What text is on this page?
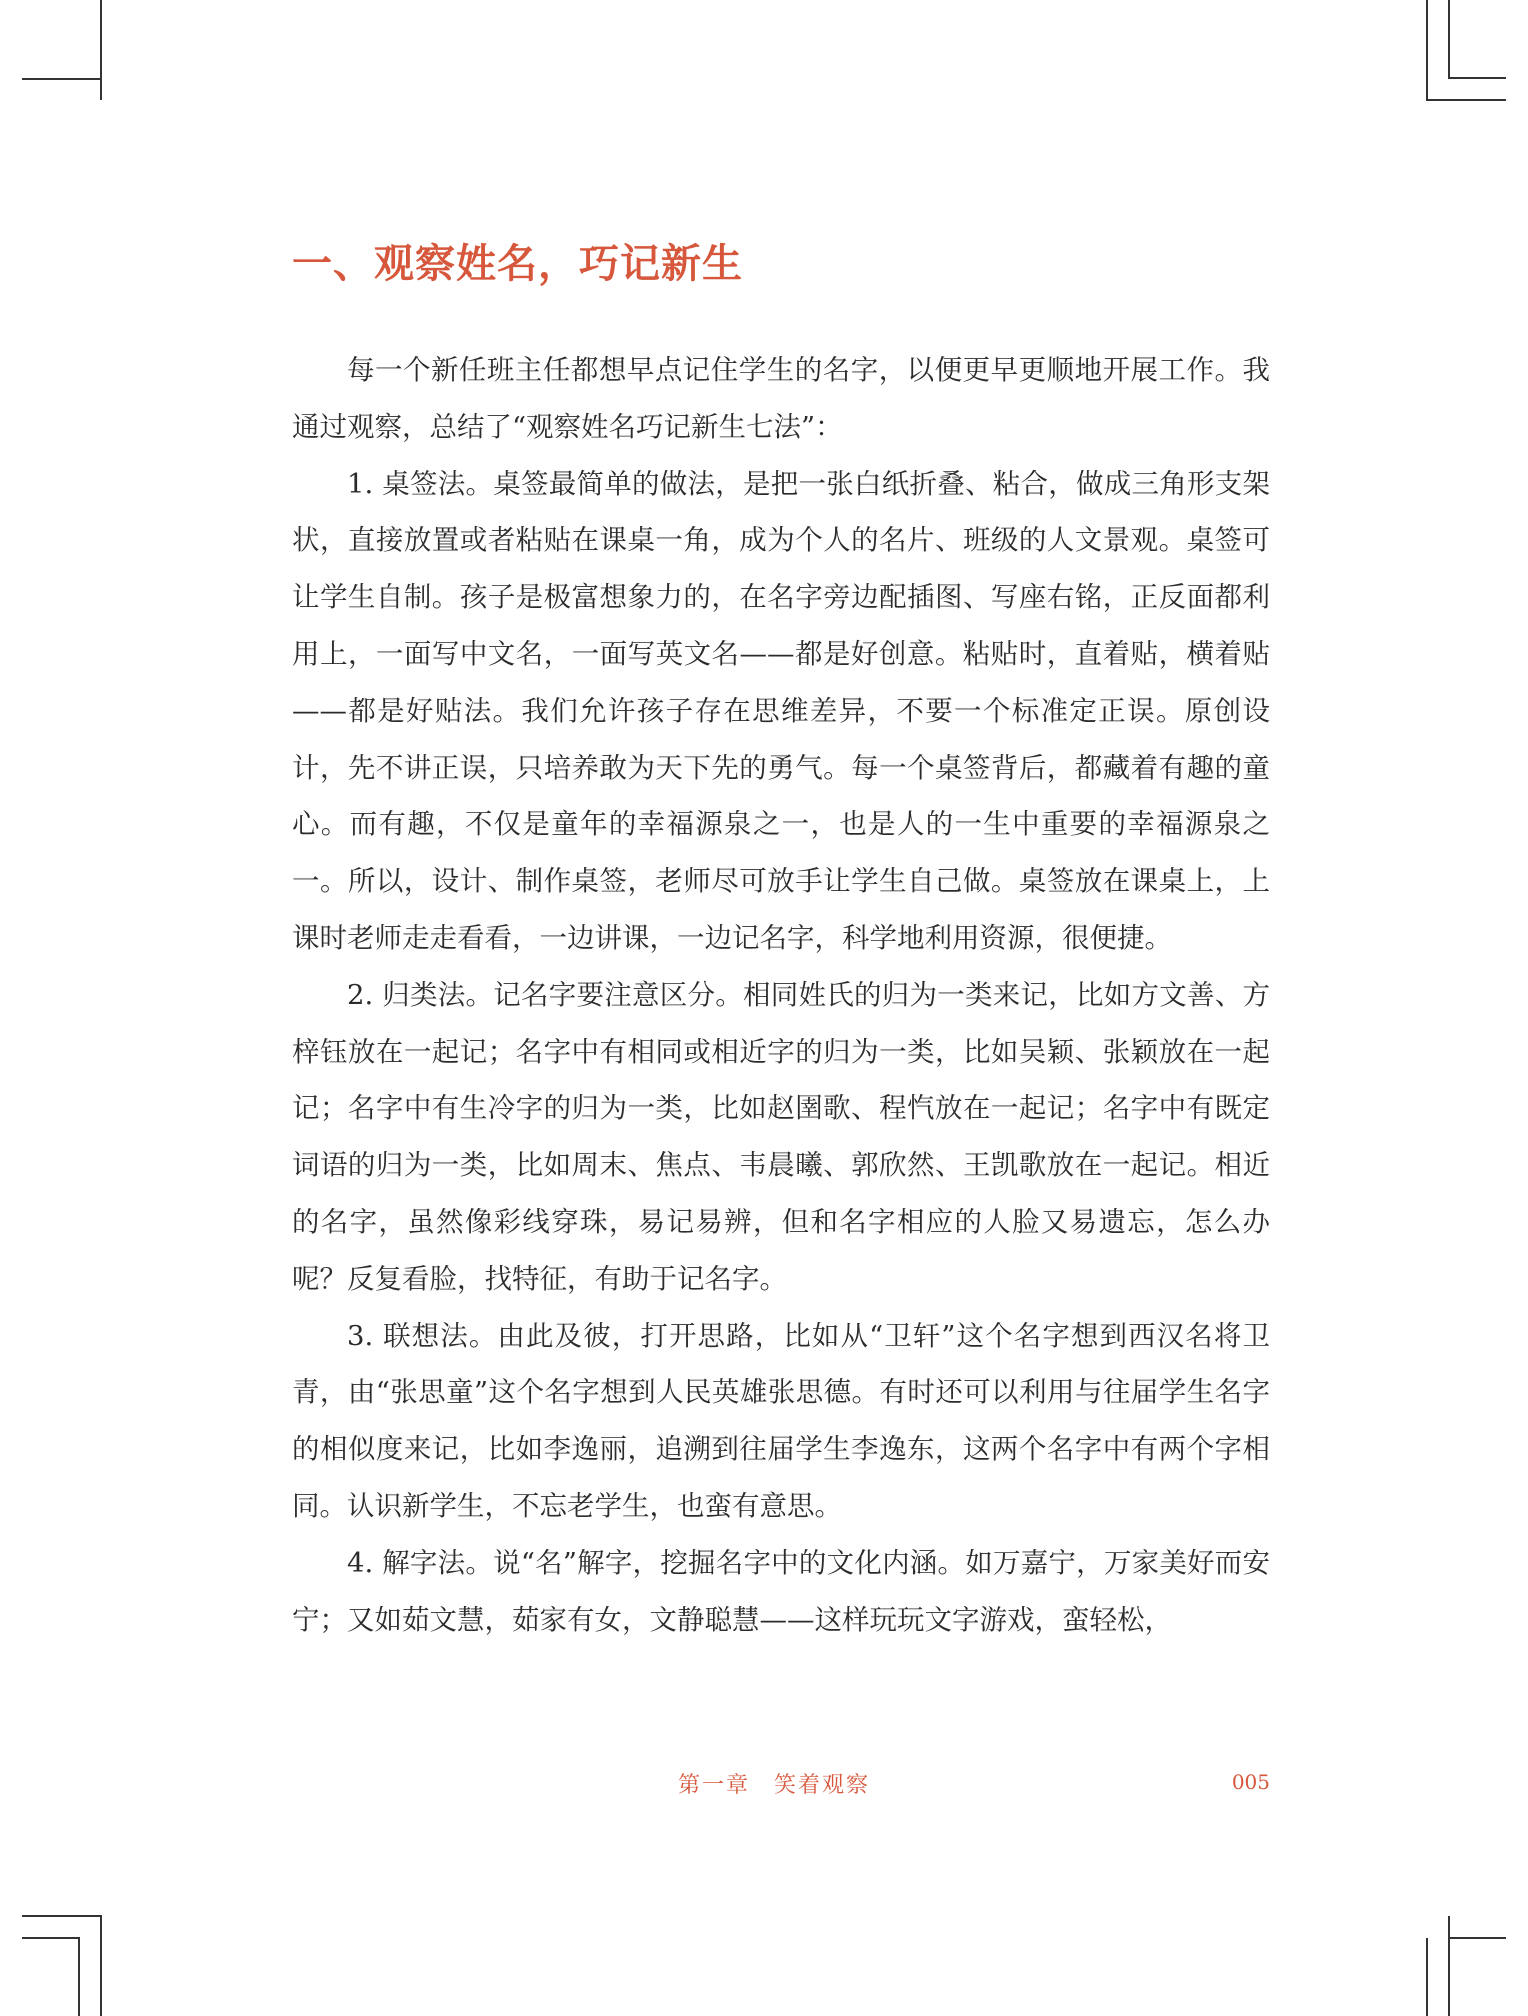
一、观察姓名，巧记新生

每一个新任班主任都想早点记住学生的名字，以便更早更顺地开展工作。我通过观察，总结了“观察姓名巧记新生七法”：

1. 桌签法。桌签最简单的做法，是把一张白纸折叠、粘合，做成三角形支架状，直接放置或者粘贴在课桌一角，成为个人的名片、班级的人文景观。桌签可让学生自制。孩子是极富想象力的，在名字旁边配插图、写座右铭，正反面都利用上，一面写中文名，一面写英文名——都是好创意。粘贴时，直着贴，横着贴——都是好贴法。我们允许孩子存在思维差异，不要一个标准定正误。原创设计，先不讲正误，只培养敢为天下先的勇气。每一个桌签背后，都藏着有趣的童心。而有趣，不仅是童年的幸福源泉之一，也是人的一生中重要的幸福源泉之一。所以，设计、制作桌签，老师尽可放手让学生自己做。桌签放在课桌上，上课时老师走走看看，一边讲课，一边记名字，科学地利用资源，很便捷。

2. 归类法。记名字要注意区分。相同姓氏的归为一类来记，比如方文善、方梓钰放在一起记；名字中有相同或相近字的归为一类，比如吴颖、张颖放在一起记；名字中有生冷字的归为一类，比如赵圉歌、程忾放在一起记；名字中有既定词语的归为一类，比如周末、焦点、韦晨曦、郭欣然、王凯歌放在一起记。相近的名字，虽然像彩线穿珠，易记易辨，但和名字相应的人脸又易遗忘，怎么办呢？反复看脸，找特征，有助于记名字。

3. 联想法。由此及彼，打开思路，比如从“卫轩”这个名字想到西汉名将卫青，由“张思童”这个名字想到人民英雄张思德。有时还可以利用与往届学生名字的相似度来记，比如李逸丽，追溯到往届学生李逸东，这两个名字中有两个字相同。认识新学生，不忘老学生，也蛮有意思。

4. 解字法。说“名”解字，挖掘名字中的文化内涵。如万嘉宁，万家美好而安宁；又如茹文慧，茹家有女，文静聪慧——这样玩玩文字游戏，蛮轻松，

第一章　笑着观察	005
